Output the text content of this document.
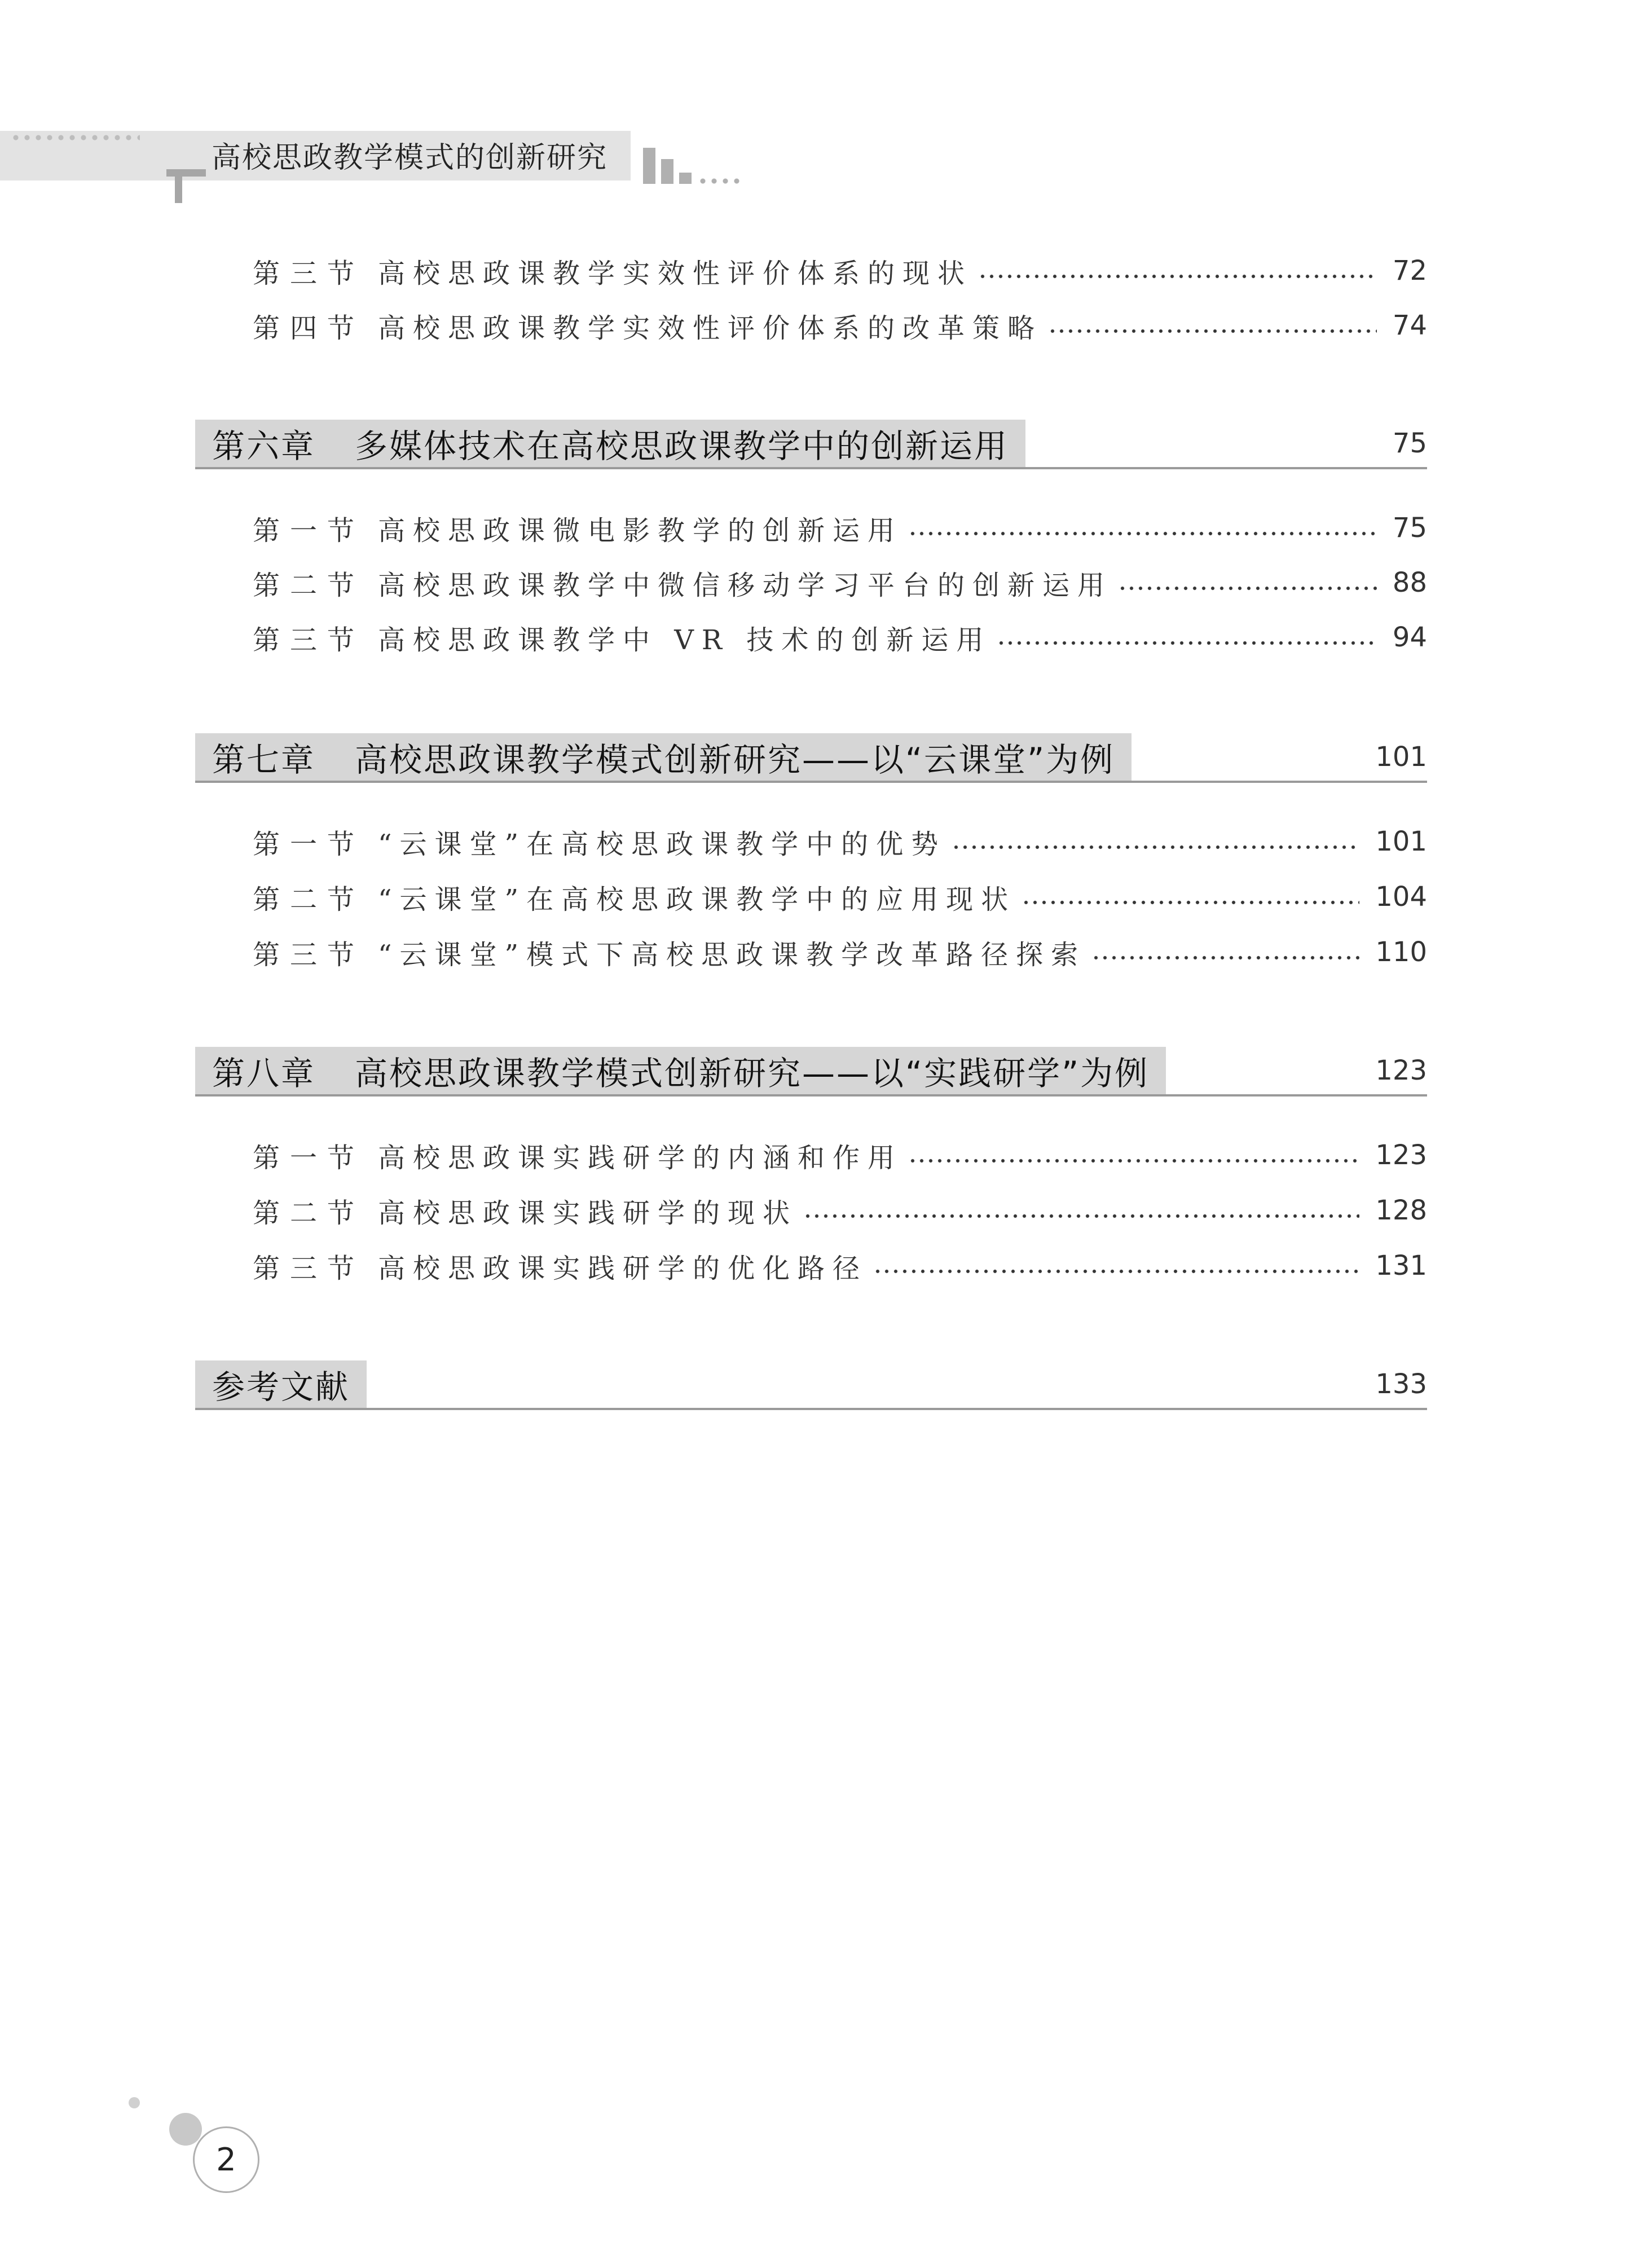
高校思政教学模式的创新研究
第三节 高校思政课教学实效性评价体系的现状	72
第四节 高校思政课教学实效性评价体系的改革策略	74
第六章 多媒体技术在高校思政课教学中的创新运用	75
第一节 高校思政课微电影教学的创新运用	75
第二节 高校思政课教学中微信移动学习平台的创新运用	88
第三节 高校思政课教学中 VR 技术的创新运用	94
第七章 高校思政课教学模式创新研究——以“云课堂”为例	101
第一节 “云课堂”在高校思政课教学中的优势	101
第二节 “云课堂”在高校思政课教学中的应用现状	104
第三节 “云课堂”模式下高校思政课教学改革路径探索	110
第八章 高校思政课教学模式创新研究——以“实践研学”为例	123
第一节 高校思政课实践研学的内涵和作用	123
第二节 高校思政课实践研学的现状	128
第三节 高校思政课实践研学的优化路径	131
参考文献	133
2
